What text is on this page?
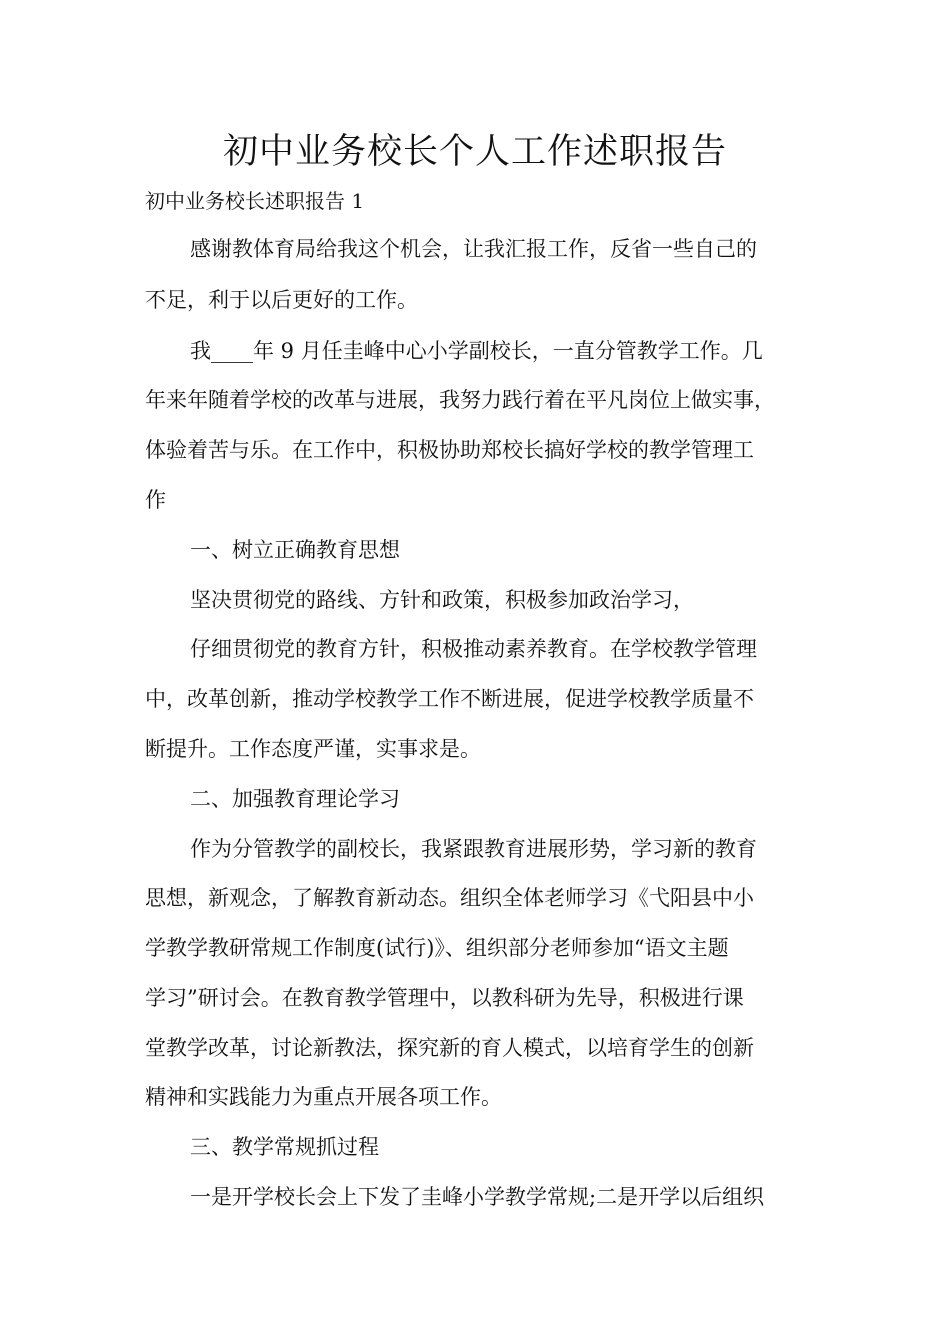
初中业务校长个人工作述职报告
初中业务校长述职报告 1
感谢教体育局给我这个机会，让我汇报工作，反省一些自己的
不足，利于以后更好的工作。
我____年 9 月任圭峰中心小学副校长，一直分管教学工作。几
年来年随着学校的改革与进展，我努力践行着在平凡岗位上做实事，
体验着苦与乐。在工作中，积极协助郑校长搞好学校的教学管理工
作
一、树立正确教育思想
坚决贯彻党的路线、方针和政策，积极参加政治学习，
仔细贯彻党的教育方针，积极推动素养教育。在学校教学管理
中，改革创新，推动学校教学工作不断进展，促进学校教学质量不
断提升。工作态度严谨，实事求是。
二、加强教育理论学习
作为分管教学的副校长，我紧跟教育进展形势，学习新的教育
思想，新观念，了解教育新动态。组织全体老师学习《弋阳县中小
学教学教研常规工作制度(试行)》、组织部分老师参加“语文主题
学习”研讨会。在教育教学管理中，以教科研为先导，积极进行课
堂教学改革，讨论新教法，探究新的育人模式，以培育学生的创新
精神和实践能力为重点开展各项工作。
三、教学常规抓过程
一是开学校长会上下发了圭峰小学教学常规;二是开学以后组织
